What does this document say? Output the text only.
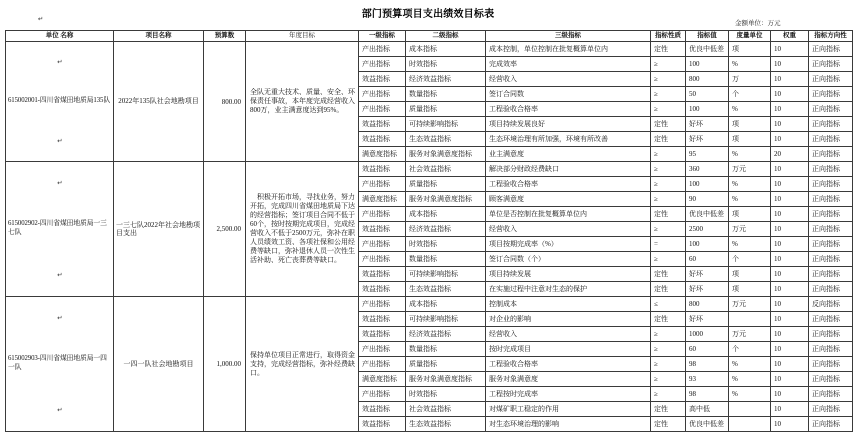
部门预算项目支出绩效目标表
↵
金额单位：万元
单位 名称	项目名称	预算数	年度目标	一级指标	二级指标	三级指标	指标性质	指标值	度量单位	权重	指标方向性
↵
615002001-四川省煤田地质局135队
↵
2022年135队社会地勘项目	800.00
全队无重大技术、质量、安全、环保责任事故，本年度完成经营收入800万，业主满意度达到95%。
产出指标	成本指标	成本控制，单位控制在批复概算单位内	定性	优良中低差	项	10	正向指标
产出指标	时效指标	完成效率	≥	100	%	10	正向指标
效益指标	经济效益指标	经营收入	≥	800	万	10	正向指标
产出指标	数量指标	签订合同数	≥	50	个	10	正向指标
产出指标	质量指标	工程验收合格率	≥	100	%	10	正向指标
效益指标	可持续影响指标	项目持续发展良好	定性	好坏	项	10	正向指标
效益指标	生态效益指标	生态环境治理有所加强，环境有所改善	定性	好坏	项	10	正向指标
满意度指标	服务对象满意度指标	业主满意度	≥	95	%	20	正向指标
↵
615002902-四川省煤田地质局一三七队
↵
一三七队2022年社会地勘项目支出	2,500.00
积极开拓市场，寻找业务，努力开拓，完成四川省煤田地质局下达的经营指标；签订项目合同不低于60个，按时按期完成项目，完成经营收入不低于2500万元，弥补在职人员绩效工资、各项社保和公用经费等缺口，弥补退休人员一次性生活补助、死亡丧葬费等缺口。
效益指标	社会效益指标	解决部分财政经费缺口	≥	360	万元	10	正向指标
产出指标	质量指标	工程验收合格率	≥	100	%	10	正向指标
满意度指标	服务对象满意度指标	顾客满意度	≥	90	%	10	正向指标
产出指标	成本指标	单位是否控制在批复概算单位内	定性	优良中低差	项	10	正向指标
效益指标	经济效益指标	经营收入	≥	2500	万元	10	正向指标
产出指标	时效指标	项目按期完成率（%）	=	100	%	10	正向指标
产出指标	数量指标	签订合同数（个）	≥	60	个	10	正向指标
效益指标	可持续影响指标	项目持续发展	定性	好坏	项	10	正向指标
效益指标	生态效益指标	在实施过程中注意对生态的保护	定性	好坏	项	10	正向指标
↵
615002903-四川省煤田地质局一四一队
↵
一四一队社会地勘项目	1,000.00
保持单位项目正常进行，取得资金支持，完成经营指标，弥补经费缺口。
产出指标	成本指标	控制成本	≤	800	万元	10	反向指标
效益指标	可持续影响指标	对企业的影响	定性	好坏	10	正向指标
效益指标	经济效益指标	经营收入	≥	1000	万元	10	正向指标
产出指标	数量指标	按时完成项目	≥	60	个	10	正向指标
产出指标	质量指标	工程验收合格率	≥	98	%	10	正向指标
满意度指标	服务对象满意度指标	服务对象满意度	≥	93	%	10	正向指标
产出指标	时效指标	工程按时完成率	≥	98	%	10	正向指标
效益指标	社会效益指标	对煤矿职工稳定的作用	定性	高中低	10	正向指标
效益指标	生态效益指标	对生态环境治理的影响	定性	优良中低差	10	正向指标
